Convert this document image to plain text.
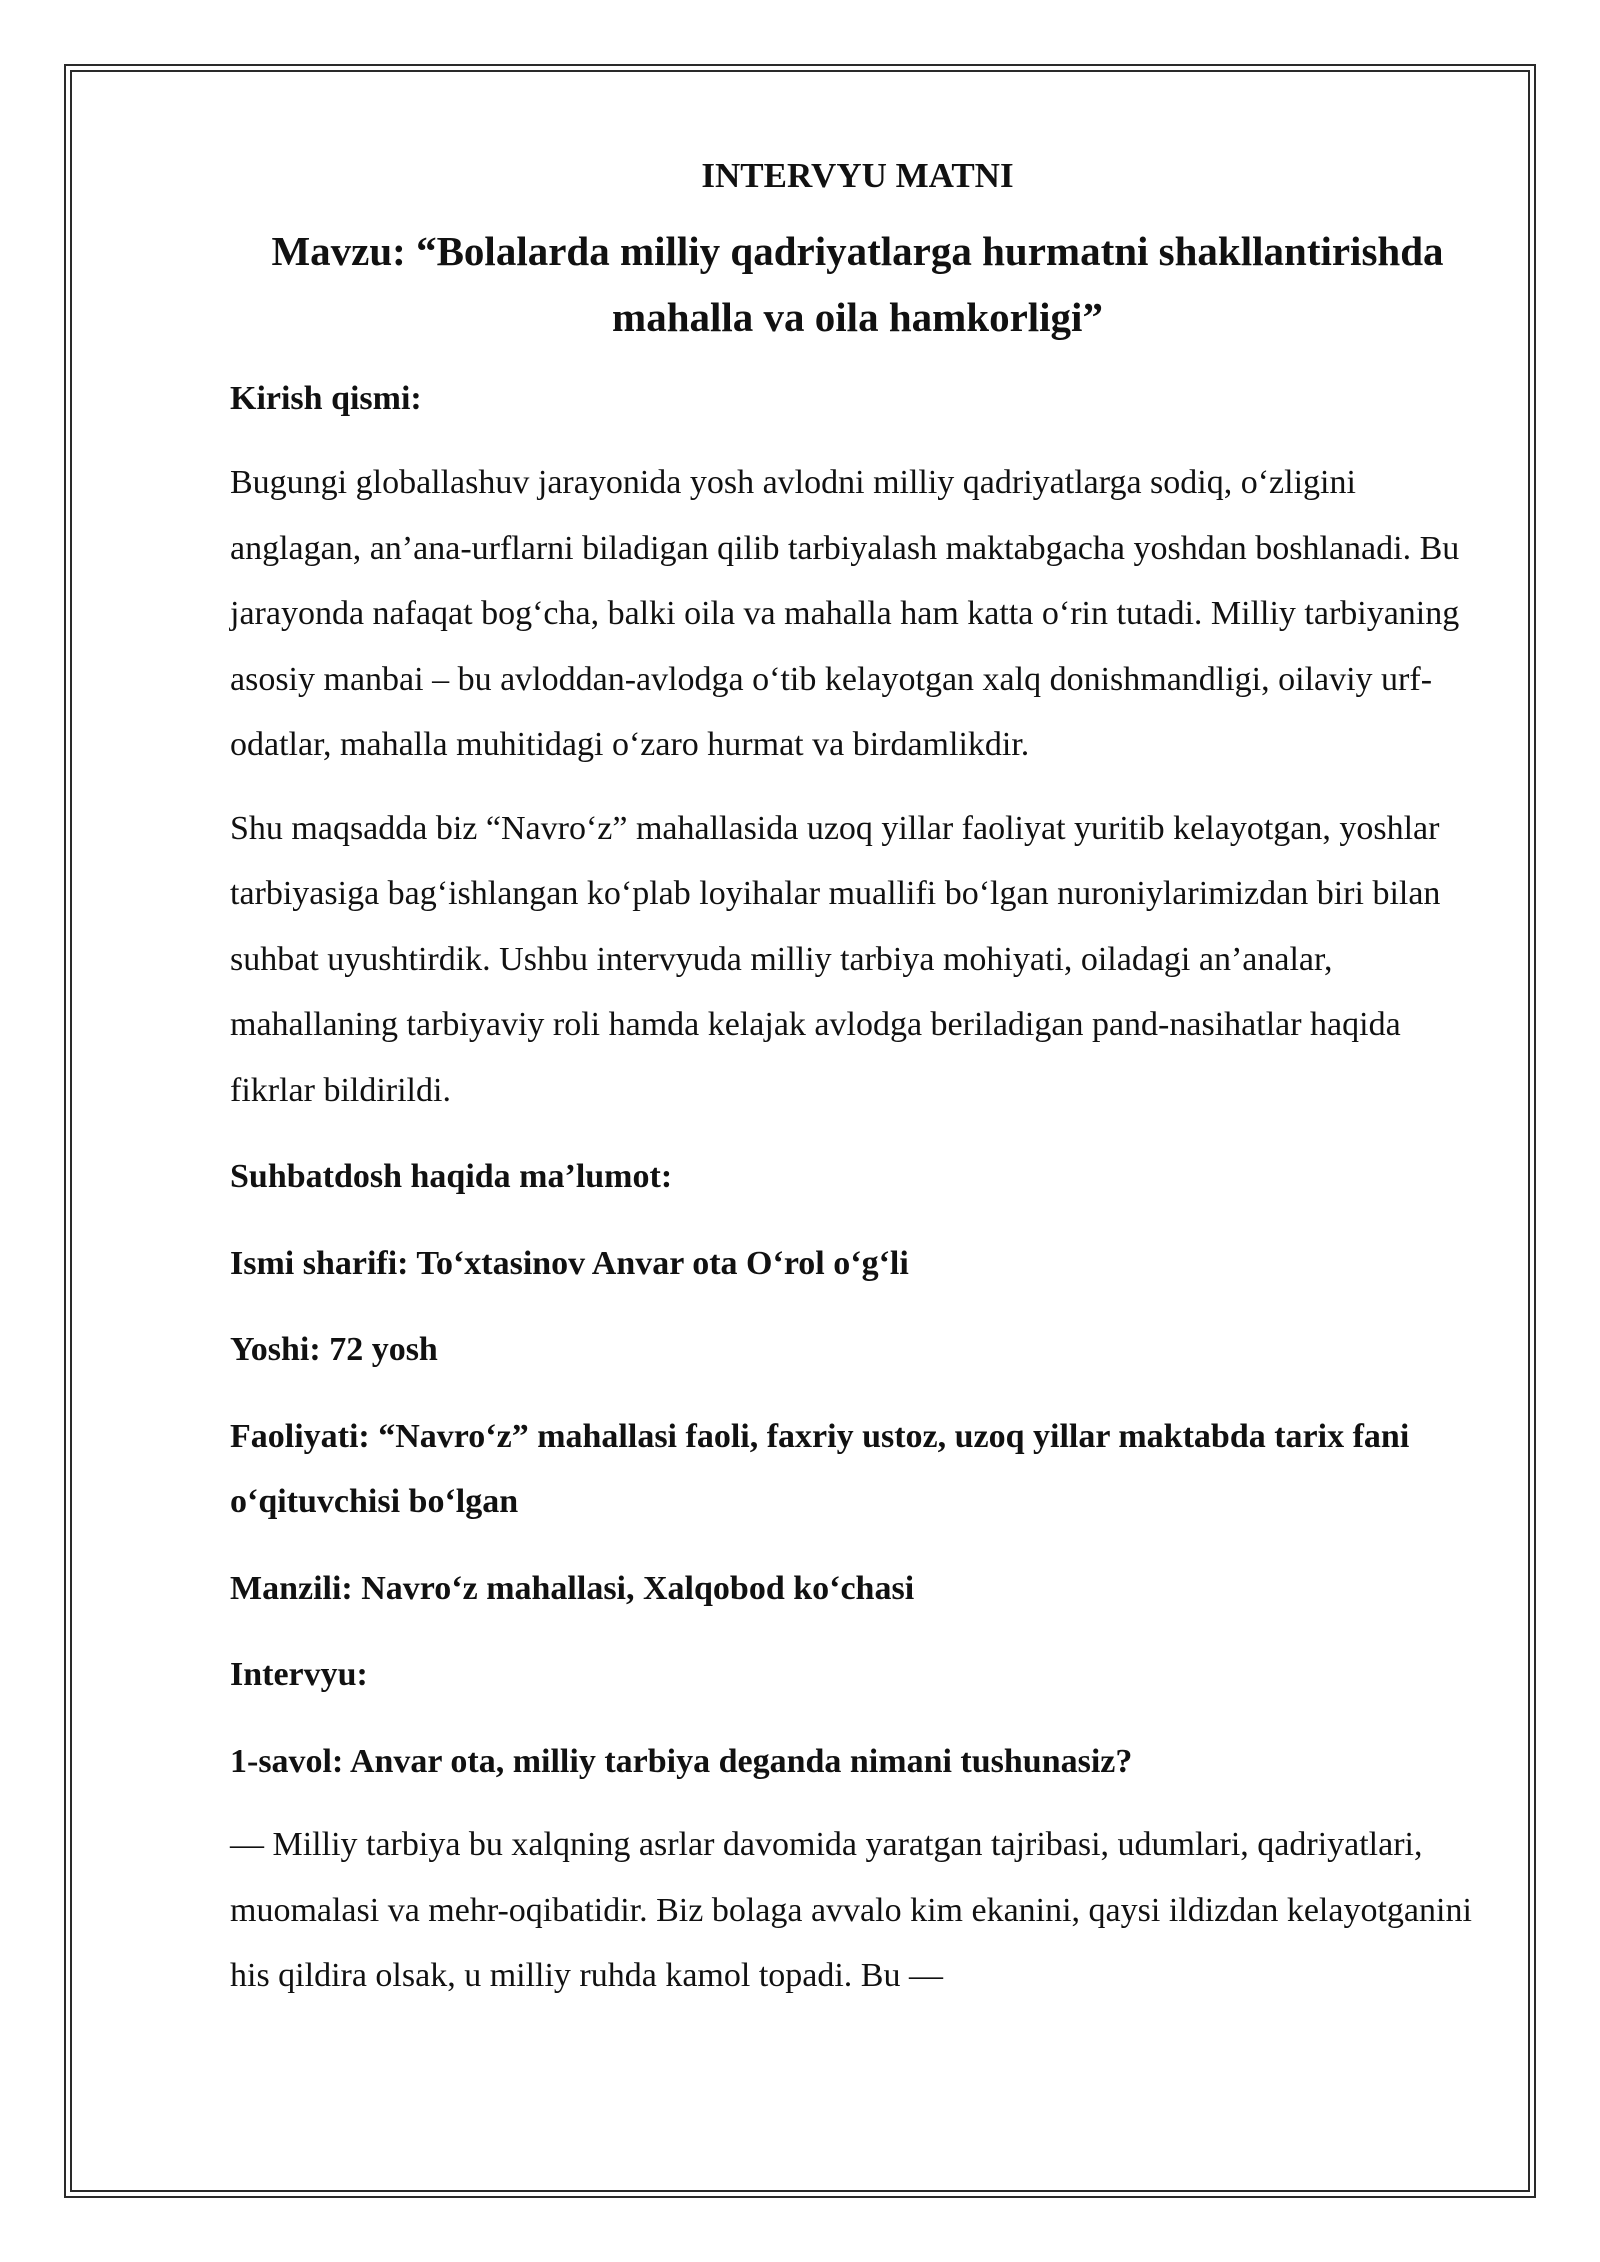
INTERVYU MATNI
Mavzu: “Bolalarda milliy qadriyatlarga hurmatni shakllantirishda mahalla va oila hamkorligi”

Kirish qismi:

Bugungi globallashuv jarayonida yosh avlodni milliy qadriyatlarga sodiq, o‘zligini anglagan, an’ana-urflarni biladigan qilib tarbiyalash maktabgacha yoshdan boshlanadi. Bu jarayonda nafaqat bog‘cha, balki oila va mahalla ham katta o‘rin tutadi. Milliy tarbiyaning asosiy manbai – bu avloddan-avlodga o‘tib kelayotgan xalq donishmandligi, oilaviy urf-odatlar, mahalla muhitidagi o‘zaro hurmat va birdamlikdir.

Shu maqsadda biz “Navro‘z” mahallasida uzoq yillar faoliyat yuritib kelayotgan, yoshlar tarbiyasiga bag‘ishlangan ko‘plab loyihalar muallifi bo‘lgan nuroniylarimizdan biri bilan suhbat uyushtirdik. Ushbu intervyuda milliy tarbiya mohiyati, oiladagi an’analar, mahallaning tarbiyaviy roli hamda kelajak avlodga beriladigan pand-nasihatlar haqida fikrlar bildirildi.

Suhbatdosh haqida ma’lumot:

Ismi sharifi: To‘xtasinov Anvar ota O‘rol o‘g‘li

Yoshi: 72 yosh

Faoliyati: “Navro‘z” mahallasi faoli, faxriy ustoz, uzoq yillar maktabda tarix fani o‘qituvchisi bo‘lgan

Manzili: Navro‘z mahallasi, Xalqobod ko‘chasi

Intervyu:

1-savol: Anvar ota, milliy tarbiya deganda nimani tushunasiz?

— Milliy tarbiya bu xalqning asrlar davomida yaratgan tajribasi, udumlari, qadriyatlari, muomalasi va mehr-oqibatidir. Biz bolaga avvalo kim ekanini, qaysi ildizdan kelayotganini his qildira olsak, u milliy ruhda kamol topadi. Bu —
